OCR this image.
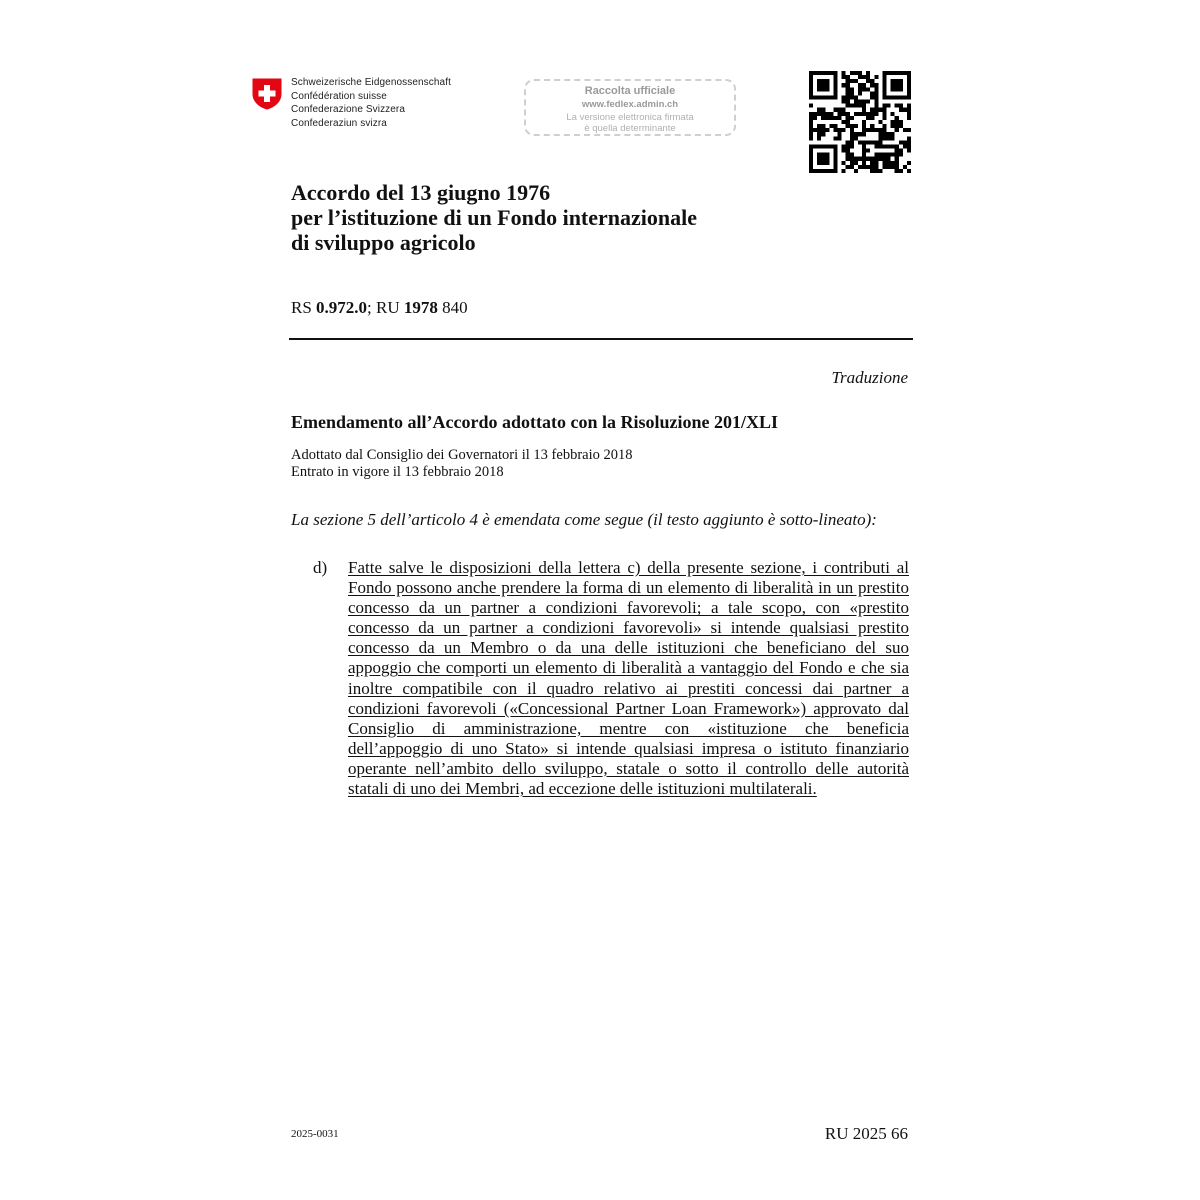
Schweizerische Eidgenossenschaft
Confédération suisse
Confederazione Svizzera
Confederaziun svizra
Raccolta ufficiale
www.fedlex.admin.ch
La versione elettronica firmata
è quella determinante
Accordo del 13 giugno 1976
per l’istituzione di un Fondo internazionale
di sviluppo agricolo
RS 0.972.0; RU 1978 840
Traduzione
Emendamento all’Accordo adottato con la Risoluzione 201/XLI
Adottato dal Consiglio dei Governatori il 13 febbraio 2018
Entrato in vigore il 13 febbraio 2018
La sezione 5 dell’articolo 4 è emendata come segue (il testo aggiunto è sotto-lineato):
d) Fatte salve le disposizioni della lettera c) della presente sezione, i contributi al Fondo possono anche prendere la forma di un elemento di liberalità in un prestito concesso da un partner a condizioni favorevoli; a tale scopo, con «prestito concesso da un partner a condizioni favorevoli» si intende qualsiasi prestito concesso da un Membro o da una delle istituzioni che beneficiano del suo appoggio che comporti un elemento di liberalità a vantaggio del Fondo e che sia inoltre compatibile con il quadro relativo ai prestiti concessi dai partner a condizioni favorevoli («Concessional Partner Loan Framework») approvato dal Consiglio di amministrazione, mentre con «istituzione che beneficia dell’appoggio di uno Stato» si intende qualsiasi impresa o istituto finanziario operante nell’ambito dello sviluppo, statale o sotto il controllo delle autorità statali di uno dei Membri, ad eccezione delle istituzioni multilaterali.
2025-0031	RU 2025 66
